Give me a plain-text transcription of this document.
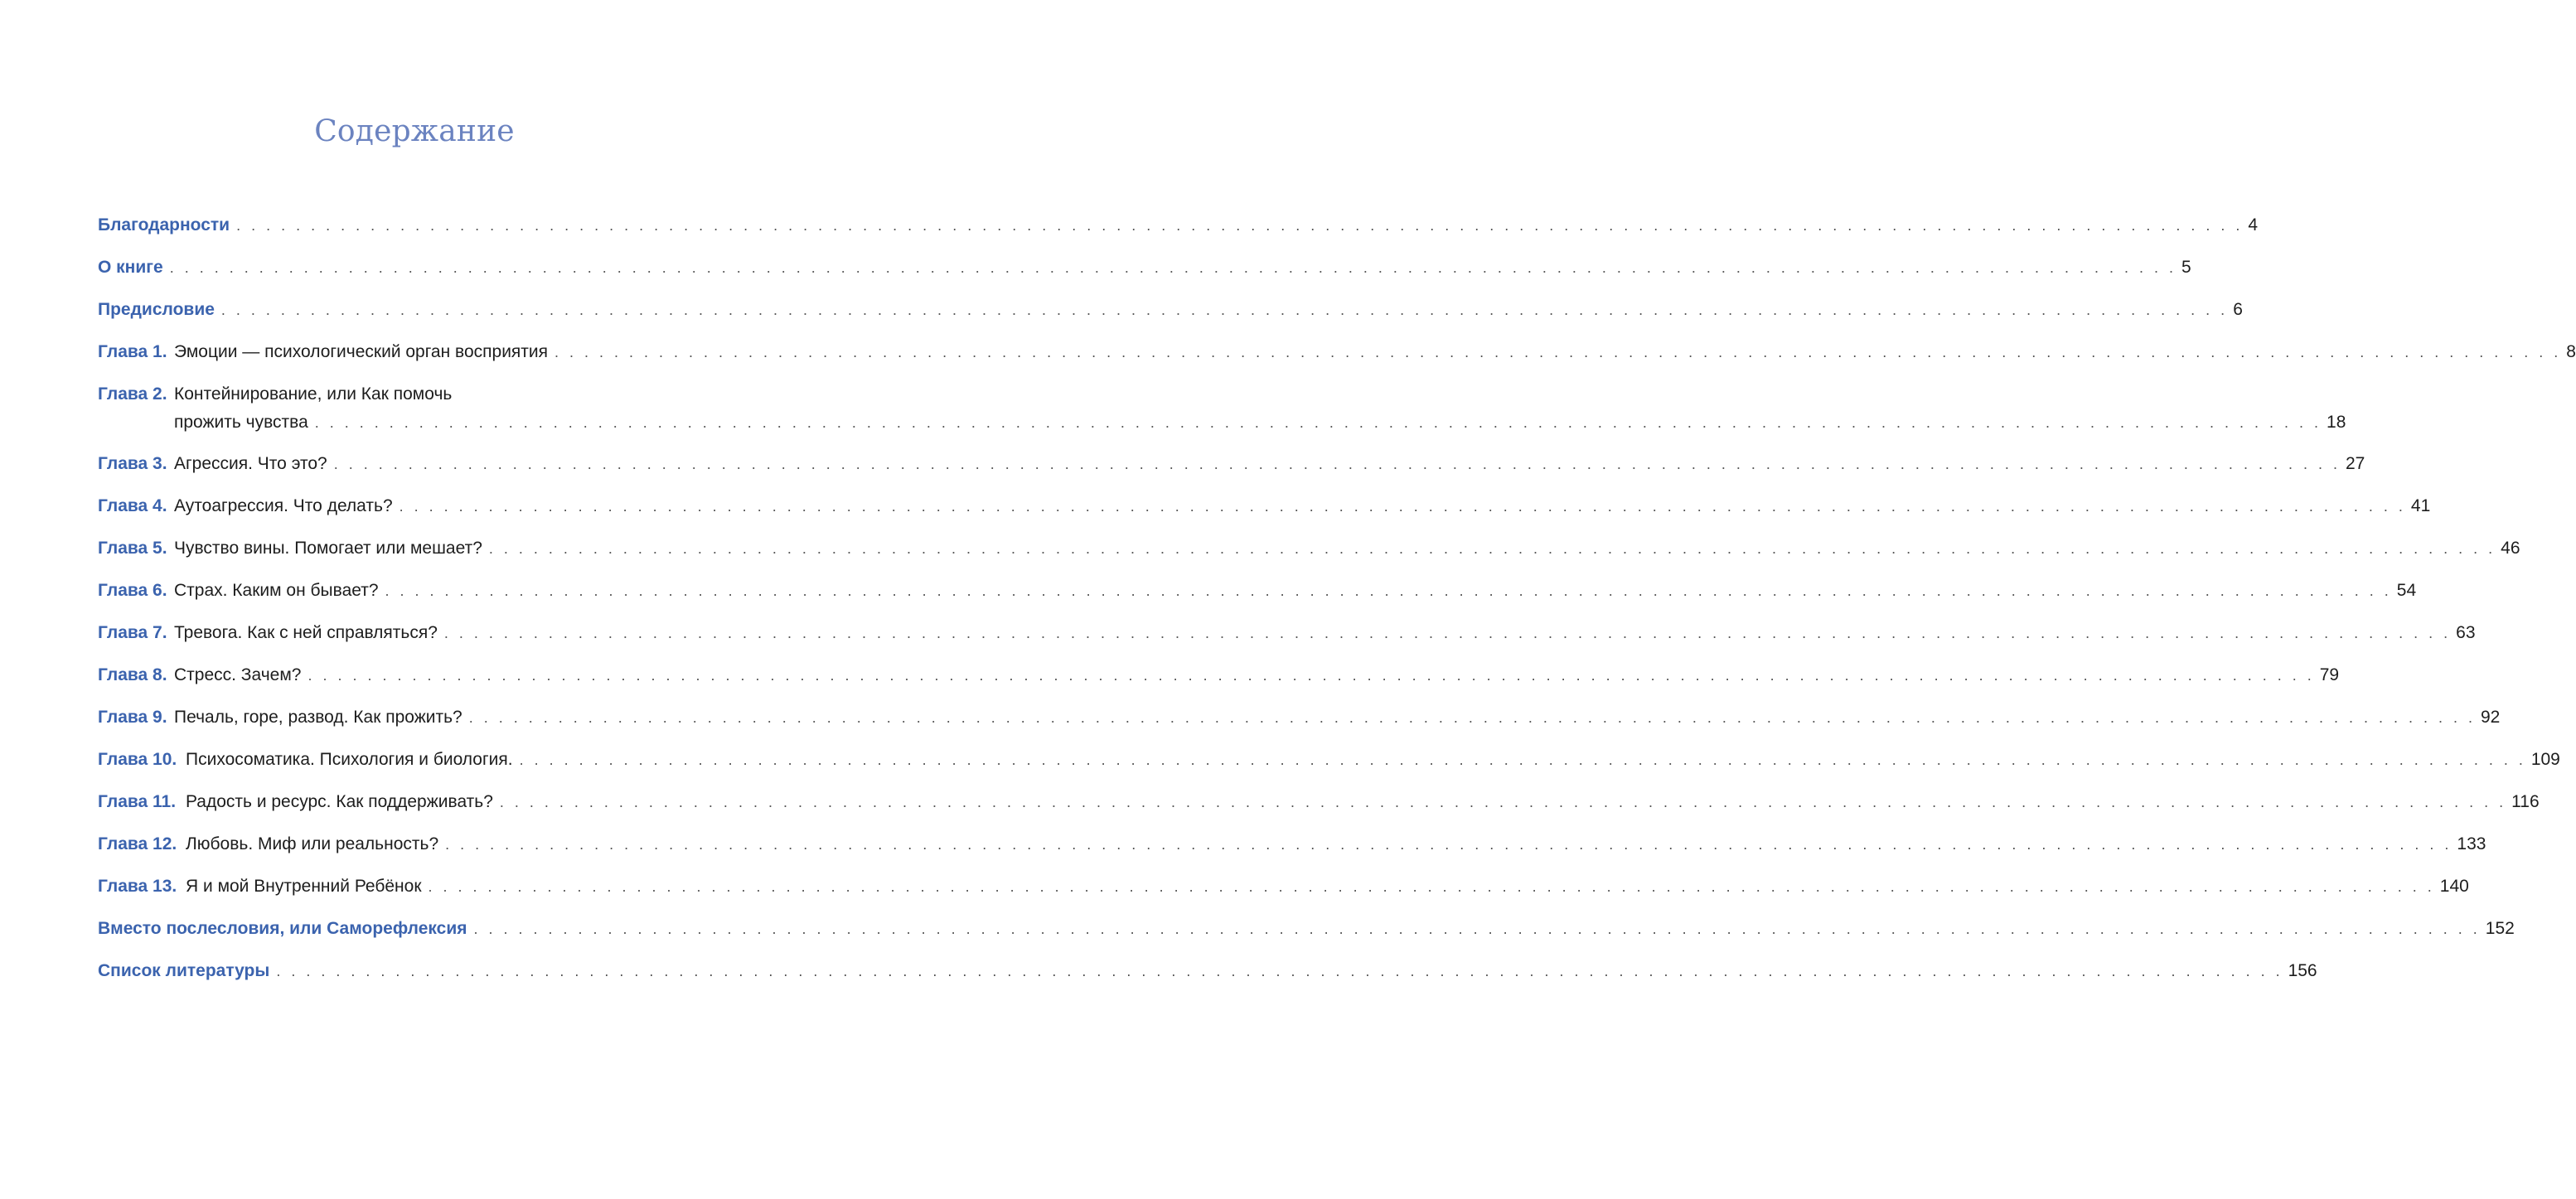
Содержание
Благодарности . . .	4
О книге . . .	5
Предисловие . . .	6
Глава 1. Эмоции — психологический орган восприятия . . .	8
Глава 2. Контейнирование, или Как помочь
прожить чувства . . .	18
Глава 3. Агрессия. Что это? . . .	27
Глава 4. Аутоагрессия. Что делать? . . .	41
Глава 5. Чувство вины. Помогает или мешает? . . .	46
Глава 6. Страх. Каким он бывает? . . .	54
Глава 7. Тревога. Как с ней справляться? . . .	63
Глава 8. Стресс. Зачем? . . .	79
Глава 9. Печаль, горе, развод. Как прожить? . . .	92
Глава 10. Психосоматика. Психология и биология. . . .	109
Глава 11. Радость и ресурс. Как поддерживать? . . .	116
Глава 12. Любовь. Миф или реальность? . . .	133
Глава 13. Я и мой Внутренний Ребёнок . . .	140
Вместо послесловия, или Саморефлексия . . .	152
Список литературы . . .	156
